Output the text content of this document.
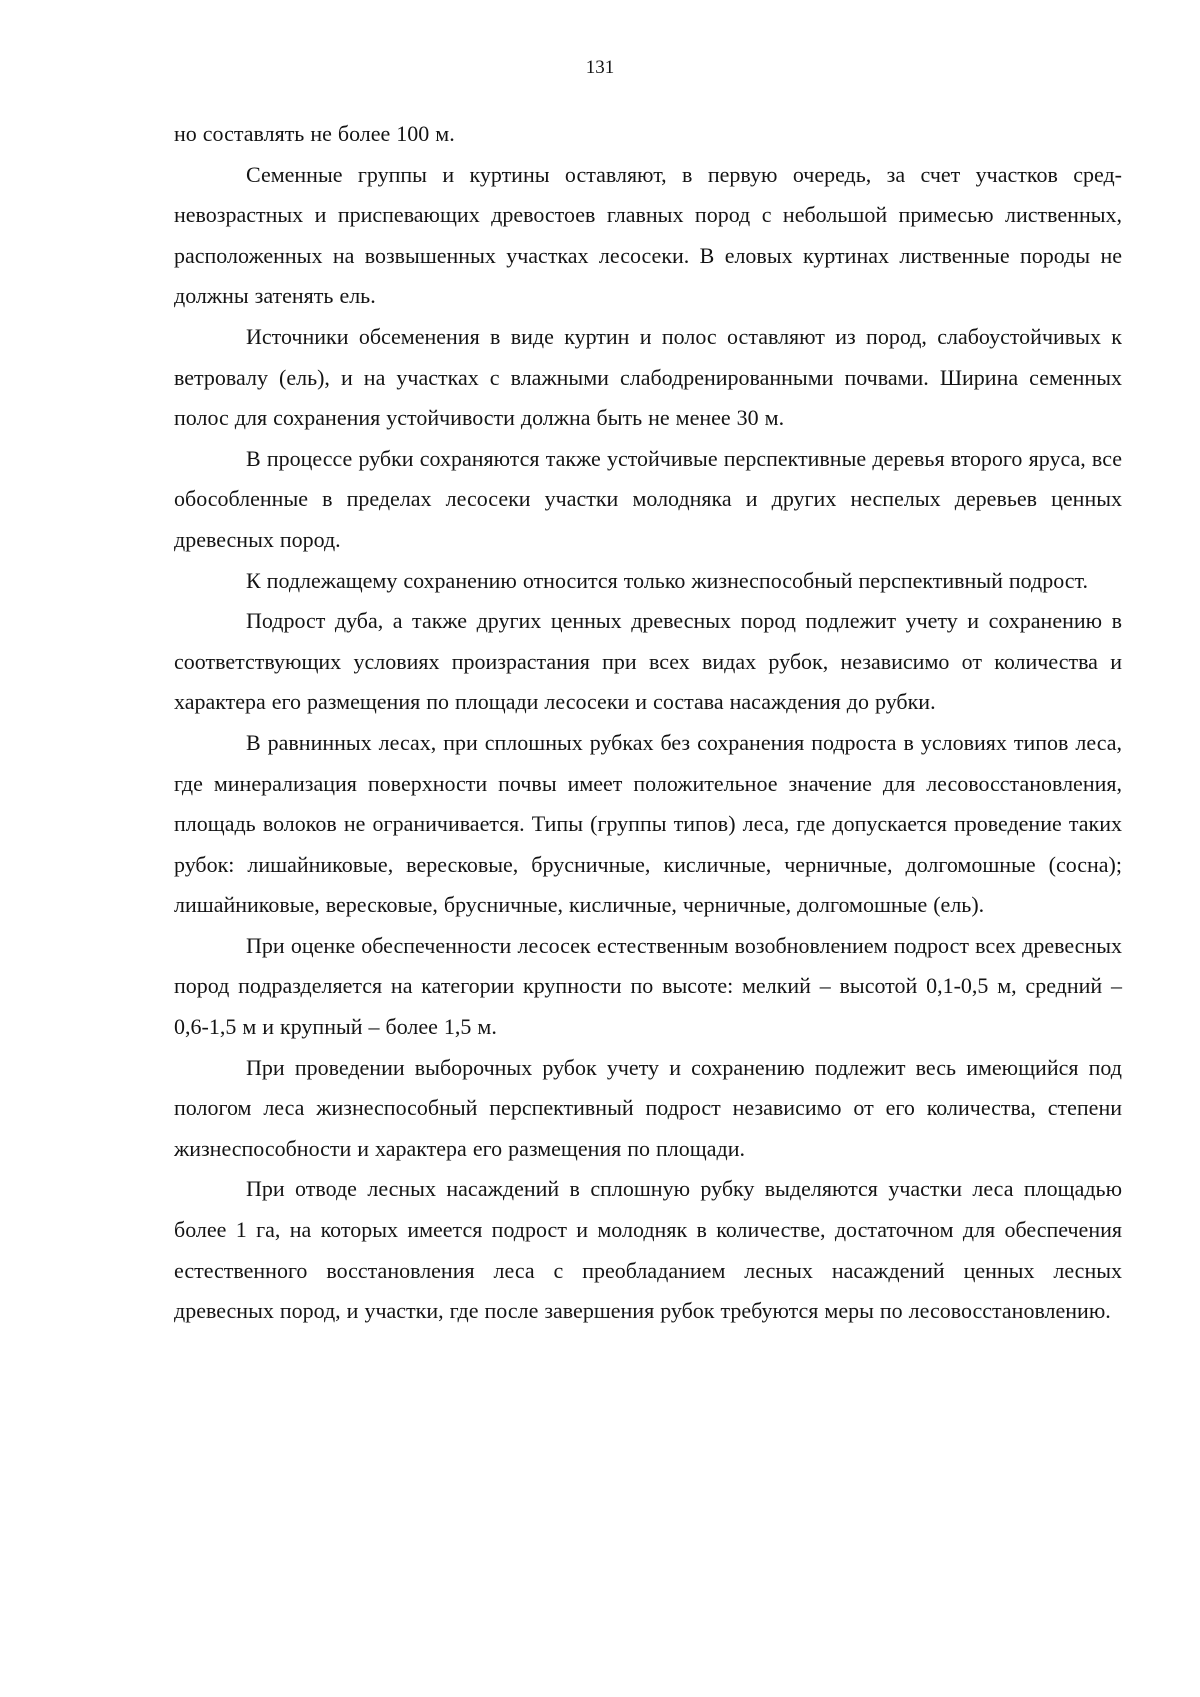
131

но составлять не более 100 м.

Семенные группы и куртины оставляют, в первую очередь, за счет участков средневозрастных и приспевающих древостоев главных пород с небольшой примесью лиственных, расположенных на возвышенных участках лесосеки. В еловых куртинах лиственные породы не должны затенять ель.

Источники обсеменения в виде куртин и полос оставляют из пород, слабоустойчивых к ветровалу (ель), и на участках с влажными слабодренированными почвами. Ширина семенных полос для сохранения устойчивости должна быть не менее 30 м.

В процессе рубки сохраняются также устойчивые перспективные деревья второго яруса, все обособленные в пределах лесосеки участки молодняка и других неспелых деревьев ценных древесных пород.

К подлежащему сохранению относится только жизнеспособный перспективный подрост.

Подрост дуба, а также других ценных древесных пород подлежит учету и сохранению в соответствующих условиях произрастания при всех видах рубок, независимо от количества и характера его размещения по площади лесосеки и состава насаждения до рубки.

В равнинных лесах, при сплошных рубках без сохранения подроста в условиях типов леса, где минерализация поверхности почвы имеет положительное значение для лесовосстановления, площадь волоков не ограничивается. Типы (группы типов) леса, где допускается проведение таких рубок: лишайниковые, вересковые, брусничные, кисличные, черничные, долгомошные (сосна); лишайниковые, вересковые, брусничные, кисличные, черничные, долгомошные (ель).

При оценке обеспеченности лесосек естественным возобновлением подрост всех древесных пород подразделяется на категории крупности по высоте: мелкий – высотой 0,1-0,5 м, средний – 0,6-1,5 м и крупный – более 1,5 м.

При проведении выборочных рубок учету и сохранению подлежит весь имеющийся под пологом леса жизнеспособный перспективный подрост независимо от его количества, степени жизнеспособности и характера его размещения по площади.

При отводе лесных насаждений в сплошную рубку выделяются участки леса площадью более 1 га, на которых имеется подрост и молодняк в количестве, достаточном для обеспечения естественного восстановления леса с преобладанием лесных насаждений ценных лесных древесных пород, и участки, где после завершения рубок требуются меры по лесовосстановлению.
